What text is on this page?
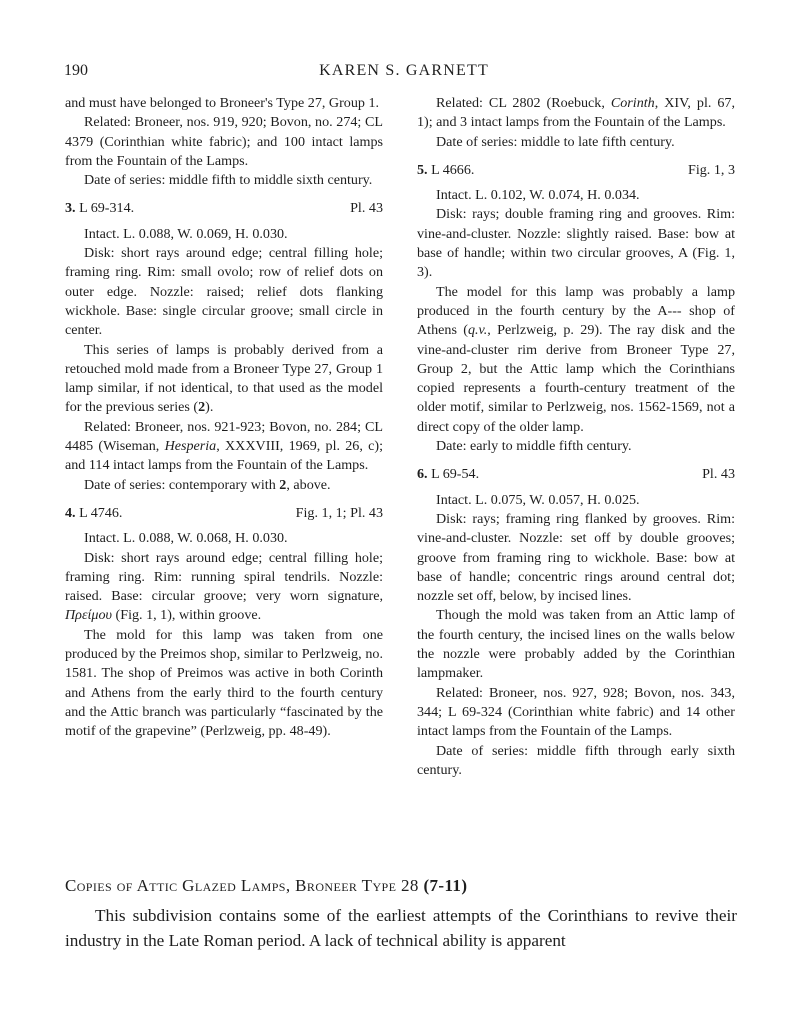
190	KAREN S. GARNETT

and must have belonged to Broneer's Type 27, Group 1.

Related: Broneer, nos. 919, 920; Bovon, no. 274; CL 4379 (Corinthian white fabric); and 100 intact lamps from the Fountain of the Lamps.

Date of series: middle fifth to middle sixth century.

3. L 69-314.	Pl. 43

Intact. L. 0.088, W. 0.069, H. 0.030.

Disk: short rays around edge; central filling hole; framing ring. Rim: small ovolo; row of relief dots on outer edge. Nozzle: raised; relief dots flanking wickhole. Base: single circular groove; small circle in center.

This series of lamps is probably derived from a retouched mold made from a Broneer Type 27, Group 1 lamp similar, if not identical, to that used as the model for the previous series (2).

Related: Broneer, nos. 921-923; Bovon, no. 284; CL 4485 (Wiseman, Hesperia, XXXVIII, 1969, pl. 26, c); and 114 intact lamps from the Fountain of the Lamps.

Date of series: contemporary with 2, above.

4. L 4746.	Fig. 1, 1; Pl. 43

Intact. L. 0.088, W. 0.068, H. 0.030.

Disk: short rays around edge; central filling hole; framing ring. Rim: running spiral tendrils. Nozzle: raised. Base: circular groove; very worn signature, Πρείμου (Fig. 1, 1), within groove.

The mold for this lamp was taken from one produced by the Preimos shop, similar to Perlzweig, no. 1581. The shop of Preimos was active in both Corinth and Athens from the early third to the fourth century and the Attic branch was particularly “fascinated by the motif of the grapevine” (Perlzweig, pp. 48-49).

Related: CL 2802 (Roebuck, Corinth, XIV, pl. 67, 1); and 3 intact lamps from the Fountain of the Lamps.

Date of series: middle to late fifth century.

5. L 4666.	Fig. 1, 3

Intact. L. 0.102, W. 0.074, H. 0.034.

Disk: rays; double framing ring and grooves. Rim: vine-and-cluster. Nozzle: slightly raised. Base: bow at base of handle; within two circular grooves, A (Fig. 1, 3).

The model for this lamp was probably a lamp produced in the fourth century by the A--- shop of Athens (q.v., Perlzweig, p. 29). The ray disk and the vine-and-cluster rim derive from Broneer Type 27, Group 2, but the Attic lamp which the Corinthians copied represents a fourth-century treatment of the older motif, similar to Perlzweig, nos. 1562-1569, not a direct copy of the older lamp.

Date: early to middle fifth century.

6. L 69-54.	Pl. 43

Intact. L. 0.075, W. 0.057, H. 0.025.

Disk: rays; framing ring flanked by grooves. Rim: vine-and-cluster. Nozzle: set off by double grooves; groove from framing ring to wickhole. Base: bow at base of handle; concentric rings around central dot; nozzle set off, below, by incised lines.

Though the mold was taken from an Attic lamp of the fourth century, the incised lines on the walls below the nozzle were probably added by the Corinthian lampmaker.

Related: Broneer, nos. 927, 928; Bovon, nos. 343, 344; L 69-324 (Corinthian white fabric) and 14 other intact lamps from the Fountain of the Lamps.

Date of series: middle fifth through early sixth century.

Copies of Attic Glazed Lamps, Broneer Type 28 (7-11)

This subdivision contains some of the earliest attempts of the Corinthians to revive their industry in the Late Roman period. A lack of technical ability is apparent
